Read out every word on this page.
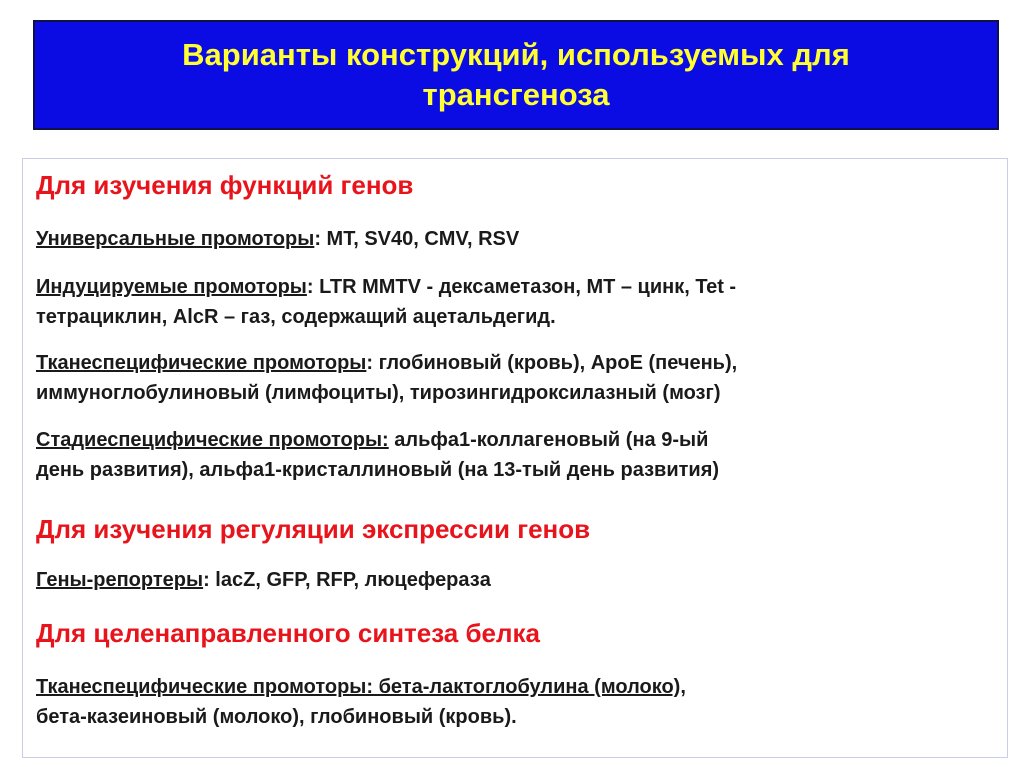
Варианты конструкций, используемых для
трансгеноза
Для изучения функций генов
Универсальные промоторы: MT, SV40, CMV, RSV
Индуцируемые промоторы: LTR MMTV - дексаметазон, MT – цинк, Tet -
тетрациклин, AlcR – газ, содержащий ацетальдегид.
Тканеспецифические промоторы: глобиновый (кровь), ApoE (печень),
иммуноглобулиновый (лимфоциты), тирозингидроксилазный (мозг)
Стадиеспецифические промоторы: альфа1-коллагеновый (на 9-ый
день развития), альфа1-кристаллиновый (на 13-тый день развития)
Для изучения регуляции экспрессии генов
Гены-репортеры: lacZ, GFP, RFP, люцеферазa
Для целенаправленного синтеза белка
Тканеспецифические промоторы: бета-лактоглобулина (молоко),
бета-казеиновый (молоко), глобиновый (кровь).
